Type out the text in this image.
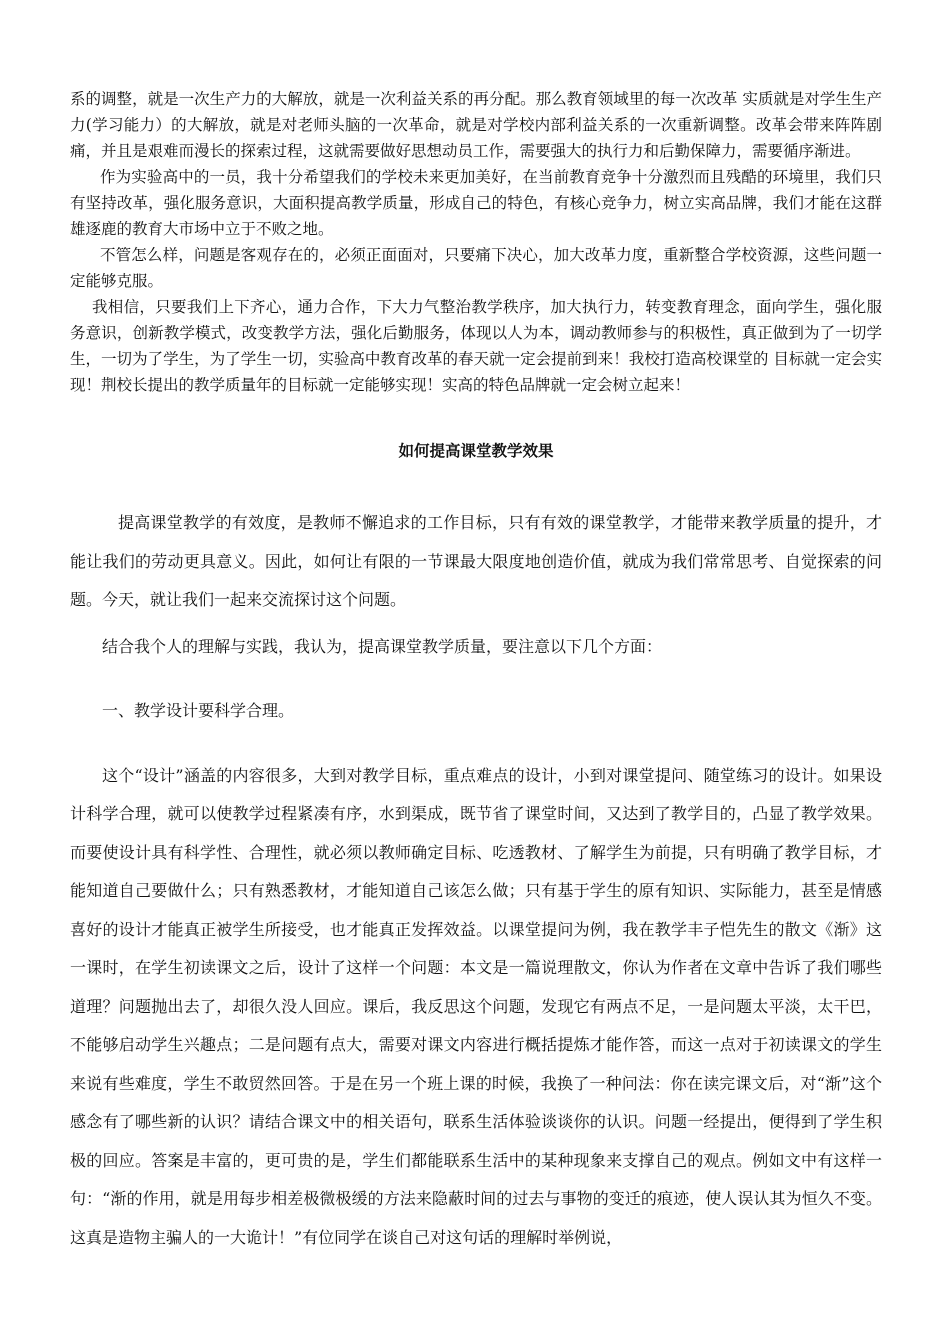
系的调整，就是一次生产力的大解放，就是一次利益关系的再分配。那么教育领域里的每一次改革 实质就是对学生生产力(学习能力）的大解放，就是对老师头脑的一次革命，就是对学校内部利益关系的一次重新调整。改革会带来阵阵剧痛，并且是艰难而漫长的探索过程，这就需要做好思想动员工作，需要强大的执行力和后勤保障力，需要循序渐进。

作为实验高中的一员，我十分希望我们的学校未来更加美好，在当前教育竞争十分激烈而且残酷的环境里，我们只有坚持改革，强化服务意识，大面积提高教学质量，形成自己的特色，有核心竞争力，树立实高品牌，我们才能在这群雄逐鹿的教育大市场中立于不败之地。

不管怎么样，问题是客观存在的，必须正面面对，只要痛下决心，加大改革力度，重新整合学校资源，这些问题一定能够克服。

我相信，只要我们上下齐心，通力合作，下大力气整治教学秩序，加大执行力，转变教育理念，面向学生，强化服务意识，创新教学模式，改变教学方法，强化后勤服务，体现以人为本，调动教师参与的积极性，真正做到为了一切学生，一切为了学生，为了学生一切，实验高中教育改革的春天就一定会提前到来！我校打造高校课堂的 目标就一定会实现！荆校长提出的教学质量年的目标就一定能够实现！实高的特色品牌就一定会树立起来！

如何提高课堂教学效果

提高课堂教学的有效度，是教师不懈追求的工作目标，只有有效的课堂教学，才能带来教学质量的提升，才能让我们的劳动更具意义。因此，如何让有限的一节课最大限度地创造价值，就成为我们常常思考、自觉探索的问题。今天，就让我们一起来交流探讨这个问题。

结合我个人的理解与实践，我认为，提高课堂教学质量，要注意以下几个方面：

一、教学设计要科学合理。

这个“设计”涵盖的内容很多，大到对教学目标，重点难点的设计，小到对课堂提问、随堂练习的设计。如果设计科学合理，就可以使教学过程紧凑有序，水到渠成，既节省了课堂时间，又达到了教学目的，凸显了教学效果。而要使设计具有科学性、合理性，就必须以教师确定目标、吃透教材、了解学生为前提，只有明确了教学目标，才能知道自己要做什么；只有熟悉教材，才能知道自己该怎么做；只有基于学生的原有知识、实际能力，甚至是情感喜好的设计才能真正被学生所接受，也才能真正发挥效益。以课堂提问为例，我在教学丰子恺先生的散文《渐》这一课时，在学生初读课文之后，设计了这样一个问题：本文是一篇说理散文，你认为作者在文章中告诉了我们哪些道理？问题抛出去了，却很久没人回应。课后，我反思这个问题，发现它有两点不足，一是问题太平淡，太干巴，不能够启动学生兴趣点；二是问题有点大，需要对课文内容进行概括提炼才能作答，而这一点对于初读课文的学生来说有些难度，学生不敢贸然回答。于是在另一个班上课的时候，我换了一种问法：你在读完课文后，对“渐”这个感念有了哪些新的认识？请结合课文中的相关语句，联系生活体验谈谈你的认识。问题一经提出，便得到了学生积极的回应。答案是丰富的，更可贵的是，学生们都能联系生活中的某种现象来支撑自己的观点。例如文中有这样一句：“渐的作用，就是用每步相差极微极缓的方法来隐蔽时间的过去与事物的变迁的痕迹，使人误认其为恒久不变。这真是造物主骗人的一大诡计！”有位同学在谈自己对这句话的理解时举例说，
